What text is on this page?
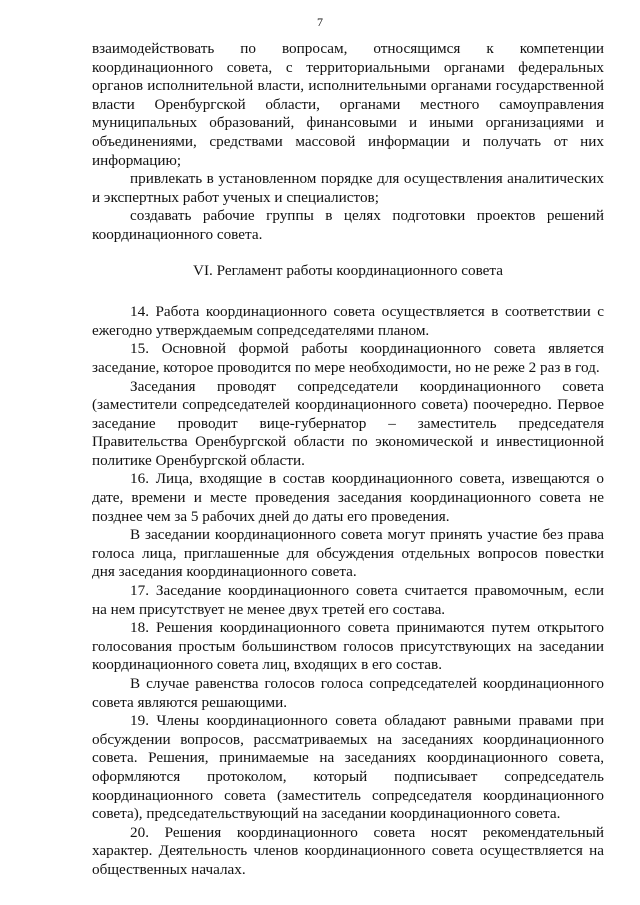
7

взаимодействовать по вопросам, относящимся к компетенции координационного совета, с территориальными органами федеральных органов исполнительной власти, исполнительными органами государственной власти Оренбургской области, органами местного самоуправления муниципальных образований, финансовыми и иными организациями и объединениями, средствами массовой информации и получать от них информацию;

привлекать в установленном порядке для осуществления аналитических и экспертных работ ученых и специалистов;

создавать рабочие группы в целях подготовки проектов решений координационного совета.

VI. Регламент работы координационного совета

14. Работа координационного совета осуществляется в соответствии с ежегодно утверждаемым сопредседателями планом.

15. Основной формой работы координационного совета является заседание, которое проводится по мере необходимости, но не реже 2 раз в год.

Заседания проводят сопредседатели координационного совета (заместители сопредседателей координационного совета) поочередно. Первое заседание проводит вице-губернатор – заместитель председателя Правительства Оренбургской области по экономической и инвестиционной политике Оренбургской области.

16. Лица, входящие в состав координационного совета, извещаются о дате, времени и месте проведения заседания координационного совета не позднее чем за 5 рабочих дней до даты его проведения.

В заседании координационного совета могут принять участие без права голоса лица, приглашенные для обсуждения отдельных вопросов повестки дня заседания координационного совета.

17. Заседание координационного совета считается правомочным, если на нем присутствует не менее двух третей его состава.

18. Решения координационного совета принимаются путем открытого голосования простым большинством голосов присутствующих на заседании координационного совета лиц, входящих в его состав.

В случае равенства голосов голоса сопредседателей координационного совета являются решающими.

19. Члены координационного совета обладают равными правами при обсуждении вопросов, рассматриваемых на заседаниях координационного совета. Решения, принимаемые на заседаниях координационного совета, оформляются протоколом, который подписывает сопредседатель координационного совета (заместитель сопредседателя координационного совета), председательствующий на заседании координационного совета.

20. Решения координационного совета носят рекомендательный характер. Деятельность членов координационного совета осуществляется на общественных началах.
